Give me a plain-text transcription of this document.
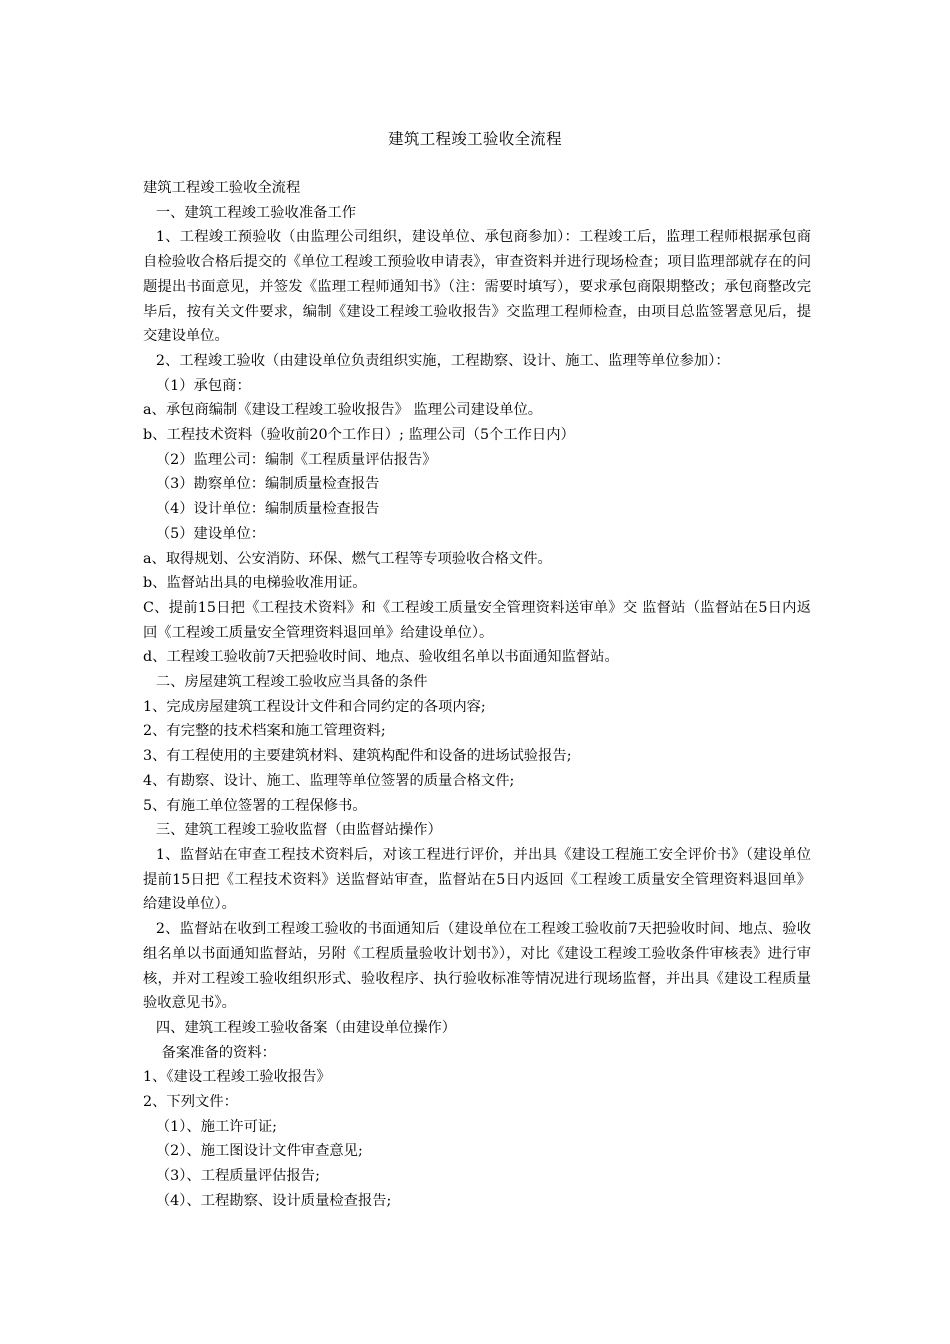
建筑工程竣工验收全流程

建筑工程竣工验收全流程

一、建筑工程竣工验收准备工作

1、工程竣工预验收（由监理公司组织，建设单位、承包商参加）：工程竣工后，监理工程师根据承包商自检验收合格后提交的《单位工程竣工预验收申请表》，审查资料并进行现场检查；项目监理部就存在的问题提出书面意见，并签发《监理工程师通知书》（注：需要时填写），要求承包商限期整改；承包商整改完毕后，按有关文件要求，编制《建设工程竣工验收报告》交监理工程师检查，由项目总监签署意见后，提交建设单位。

2、工程竣工验收（由建设单位负责组织实施，工程勘察、设计、施工、监理等单位参加）：

（1）承包商：

a、承包商编制《建设工程竣工验收报告》 监理公司建设单位。

b、工程技术资料（验收前20个工作日）; 监理公司（5个工作日内）

（2）监理公司：编制《工程质量评估报告》

（3）勘察单位：编制质量检查报告

（4）设计单位：编制质量检查报告

（5）建设单位：

a、取得规划、公安消防、环保、燃气工程等专项验收合格文件。

b、监督站出具的电梯验收准用证。

C、提前15日把《工程技术资料》和《工程竣工质量安全管理资料送审单》交 监督站（监督站在5日内返回《工程竣工质量安全管理资料退回单》给建设单位）。

d、工程竣工验收前7天把验收时间、地点、验收组名单以书面通知监督站。

二、房屋建筑工程竣工验收应当具备的条件

1、完成房屋建筑工程设计文件和合同约定的各项内容;

2、有完整的技术档案和施工管理资料;

3、有工程使用的主要建筑材料、建筑构配件和设备的进场试验报告;

4、有勘察、设计、施工、监理等单位签署的质量合格文件;

5、有施工单位签署的工程保修书。

三、建筑工程竣工验收监督（由监督站操作）

1、监督站在审查工程技术资料后，对该工程进行评价，并出具《建设工程施工安全评价书》（建设单位提前15日把《工程技术资料》送监督站审查，监督站在5日内返回《工程竣工质量安全管理资料退回单》给建设单位）。

2、监督站在收到工程竣工验收的书面通知后（建设单位在工程竣工验收前7天把验收时间、地点、验收组名单以书面通知监督站，另附《工程质量验收计划书》），对比《建设工程竣工验收条件审核表》进行审核，并对工程竣工验收组织形式、验收程序、执行验收标准等情况进行现场监督，并出具《建设工程质量验收意见书》。

四、建筑工程竣工验收备案（由建设单位操作）

备案准备的资料：

1、《建设工程竣工验收报告》

2、下列文件：

（1）、施工许可证;

（2）、施工图设计文件审查意见;

（3）、工程质量评估报告;

（4）、工程勘察、设计质量检查报告;
